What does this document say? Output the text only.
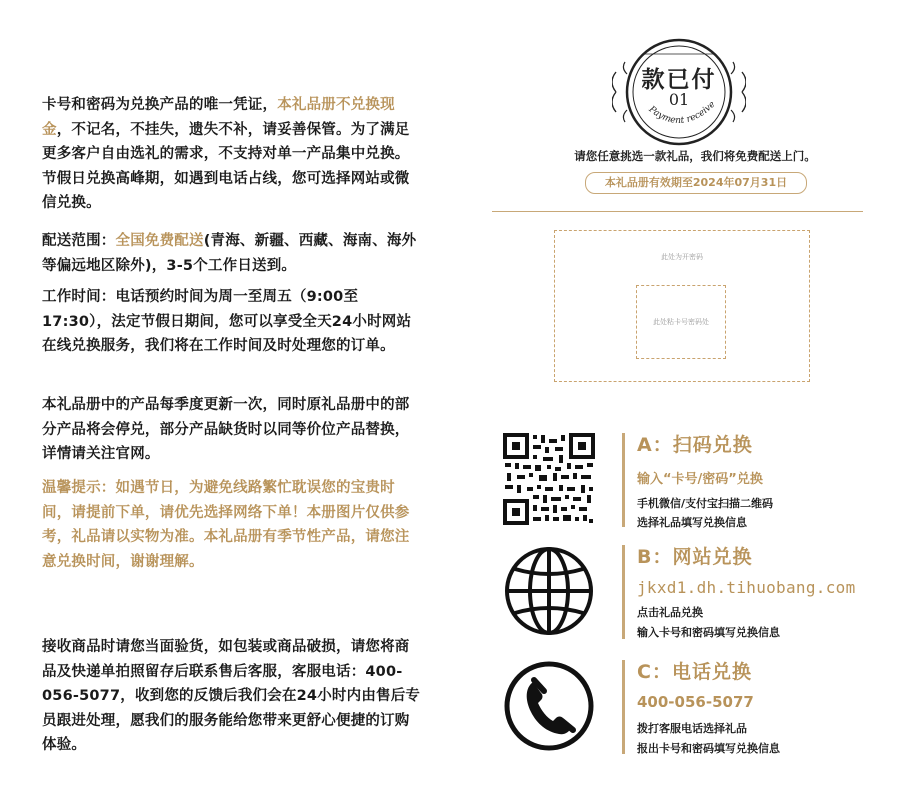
卡号和密码为兑换产品的唯一凭证，本礼品册不兑换现金，不记名，不挂失，遗失不补，请妥善保管。为了满足更多客户自由选礼的需求，不支持对单一产品集中兑换。节假日兑换高峰期，如遇到电话占线，您可选择网站或微信兑换。
配送范围：全国免费配送(青海、新疆、西藏、海南、海外等偏远地区除外)，3-5个工作日送到。
工作时间：电话预约时间为周一至周五（9:00至17:30），法定节假日期间，您可以享受全天24小时网站在线兑换服务，我们将在工作时间及时处理您的订单。
本礼品册中的产品每季度更新一次，同时原礼品册中的部分产品将会停兑，部分产品缺货时以同等价位产品替换，详情请关注官网。
温馨提示：如遇节日，为避免线路繁忙耽误您的宝贵时间，请提前下单，请优先选择网络下单！本册图片仅供参考，礼品请以实物为准。本礼品册有季节性产品，请您注意兑换时间，谢谢理解。
接收商品时请您当面验货，如包装或商品破损，请您将商品及快递单拍照留存后联系售后客服，客服电话：400-056-5077，收到您的反馈后我们会在24小时内由售后专员跟进处理，愿我们的服务能给您带来更舒心便捷的订购体验。
Payment receive
款已付
01
请您任意挑选一款礼品，我们将免费配送上门。
本礼品册有效期至2024年07月31日
此处为开密码
此处粘卡号密码处
A：扫码兑换
输入“卡号/密码”兑换
手机微信/支付宝扫描二维码
选择礼品填写兑换信息
B：网站兑换
jkxd1.dh.tihuobang.com
点击礼品兑换
输入卡号和密码填写兑换信息
C：电话兑换
400-056-5077
拨打客服电话选择礼品
报出卡号和密码填写兑换信息
